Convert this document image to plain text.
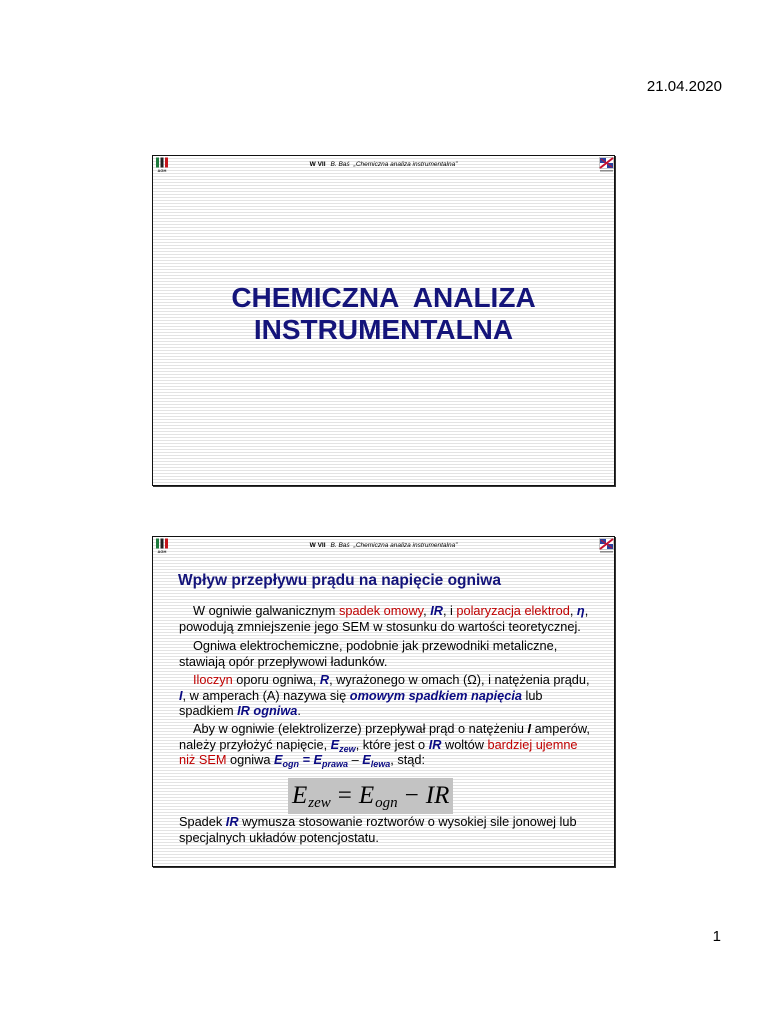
21.04.2020
AGH
W VII B. Baś „Chemiczna analiza instrumentalna”
CHEMICZNA  ANALIZA
INSTRUMENTALNA
AGH
W VII B. Baś „Chemiczna analiza instrumentalna”
Wpływ przepływu prądu na napięcie ogniwa
W ogniwie galwanicznym spadek omowy, IR, i polaryzacja elektrod, η,
powodują zmniejszenie jego SEM w stosunku do wartości teoretycznej.
Ogniwa elektrochemiczne, podobnie jak przewodniki metaliczne,
stawiają opór przepływowi ładunków.
Iloczyn oporu ogniwa, R, wyrażonego w omach (Ω), i natężenia prądu,
I, w amperach (A) nazywa się omowym spadkiem napięcia lub
spadkiem IR ogniwa.
Aby w ogniwie (elektrolizerze) przepływał prąd o natężeniu I amperów,
należy przyłożyć napięcie, $E_{zew}$, które jest o IR woltów bardziej ujemne
niż SEM ogniwa $E_{ogn} = E_{prawa} - E_{lewa}$, stąd:
E zew = E ogn − IR
Spadek IR wymusza stosowanie roztworów o wysokiej sile jonowej lub
specjalnych układów potencjostatu.
1
